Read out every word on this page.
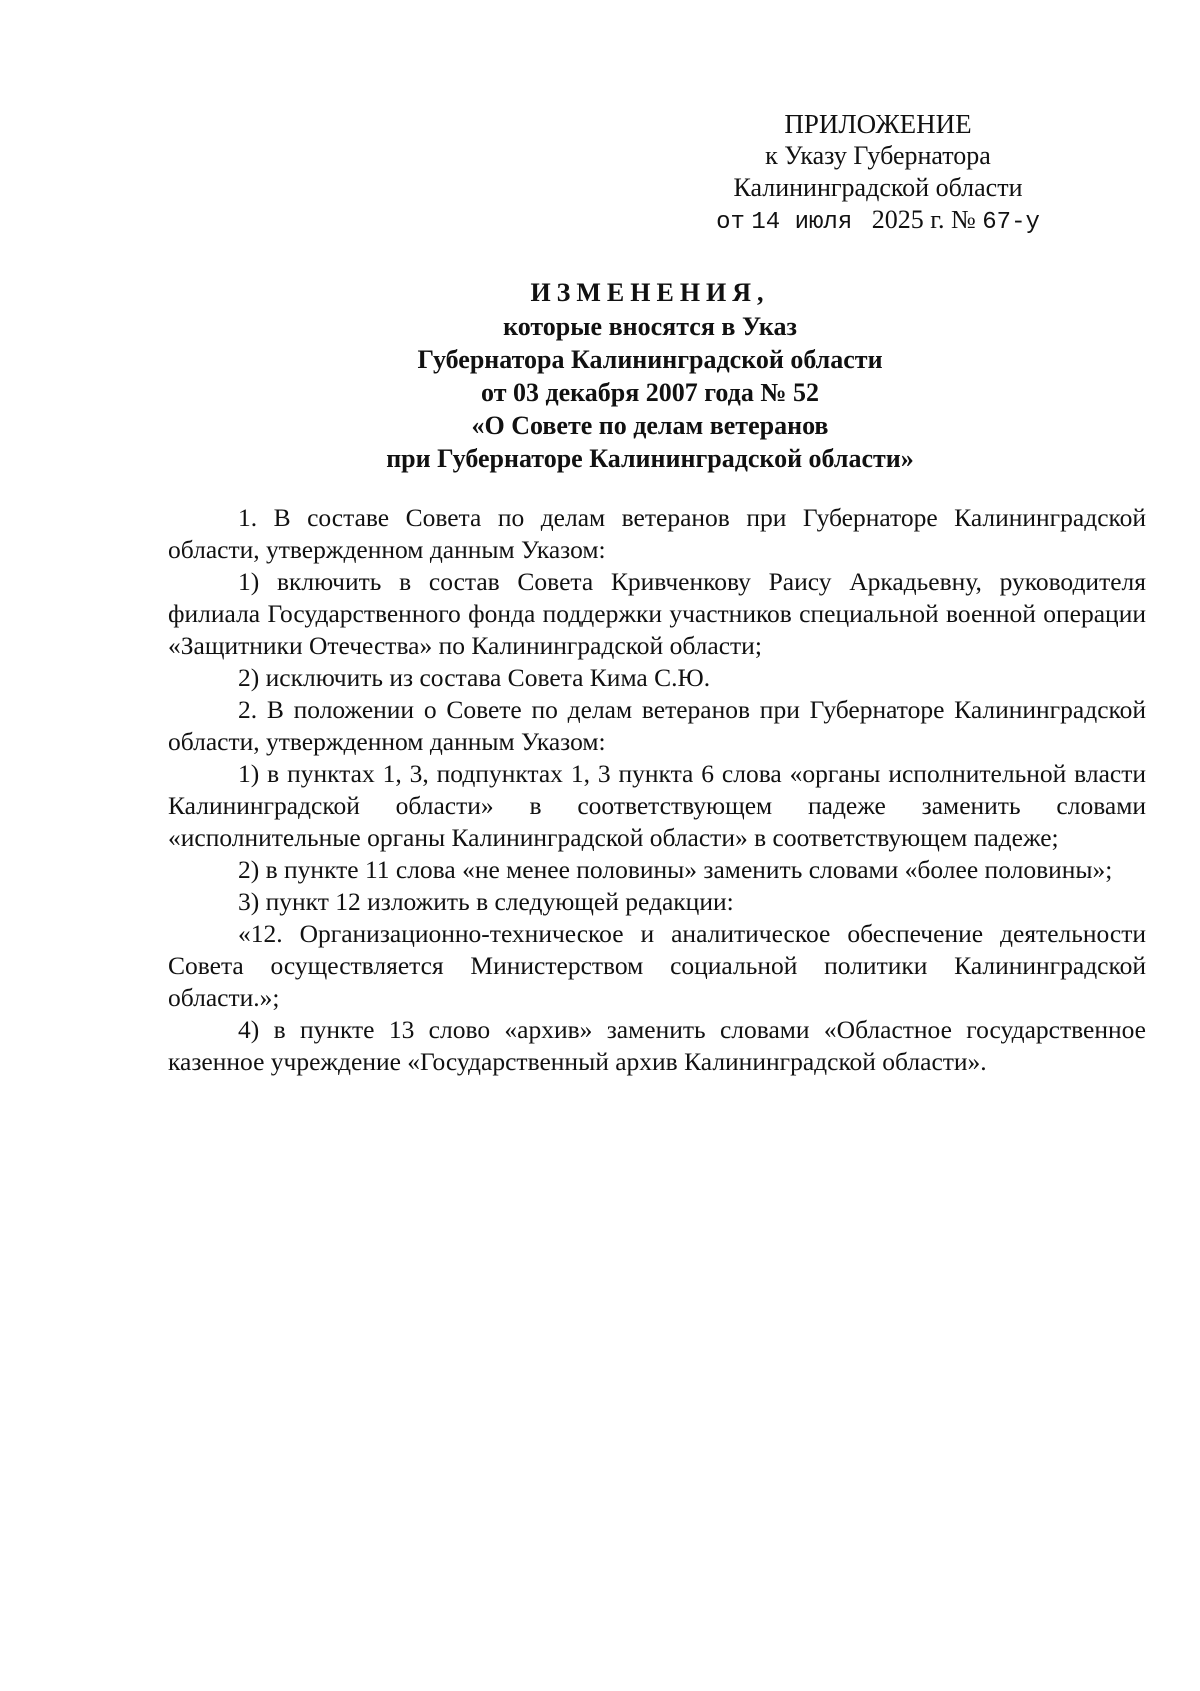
ПРИЛОЖЕНИЕ
к Указу Губернатора
Калининградской области
от 14 июля 2025 г. № 67-у
ИЗМЕНЕНИЯ,
которые вносятся в Указ
Губернатора Калининградской области
от 03 декабря 2007 года № 52
«О Совете по делам ветеранов
при Губернаторе Калининградской области»

1. В составе Совета по делам ветеранов при Губернаторе Калининградской области, утвержденном данным Указом:

1) включить в состав Совета Кривченкову Раису Аркадьевну, руководителя филиала Государственного фонда поддержки участников специальной военной операции «Защитники Отечества» по Калининградской области;

2) исключить из состава Совета Кима С.Ю.

2. В положении о Совете по делам ветеранов при Губернаторе Калининградской области, утвержденном данным Указом:

1) в пунктах 1, 3, подпунктах 1, 3 пункта 6 слова «органы исполнительной власти Калининградской области» в соответствующем падеже заменить словами «исполнительные органы Калининградской области» в соответствующем падеже;

2) в пункте 11 слова «не менее половины» заменить словами «более половины»;

3) пункт 12 изложить в следующей редакции:

«12. Организационно-техническое и аналитическое обеспечение деятельности Совета осуществляется Министерством социальной политики Калининградской области.»;

4) в пункте 13 слово «архив» заменить словами «Областное государственное казенное учреждение «Государственный архив Калининградской области».
